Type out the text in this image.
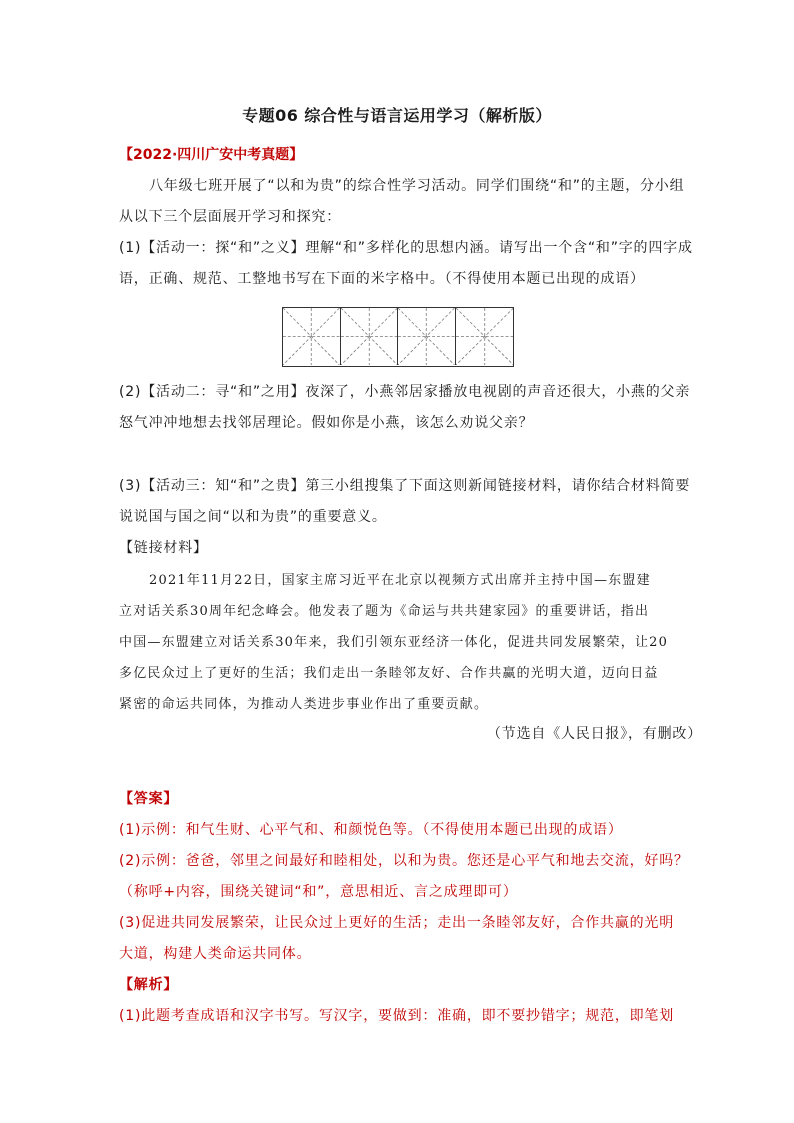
专题06 综合性与语言运用学习（解析版）
【2022·四川广安中考真题】
八年级七班开展了“以和为贵”的综合性学习活动。同学们围绕“和”的主题，分小组
从以下三个层面展开学习和探究：
(1)【活动一：探“和”之义】理解“和”多样化的思想内涵。请写出一个含“和”字的四字成
语，正确、规范、工整地书写在下面的米字格中。（不得使用本题已出现的成语）
(2)【活动二：寻“和”之用】夜深了，小燕邻居家播放电视剧的声音还很大，小燕的父亲
怒气冲冲地想去找邻居理论。假如你是小燕，该怎么劝说父亲？
(3)【活动三：知“和”之贵】第三小组搜集了下面这则新闻链接材料，请你结合材料简要
说说国与国之间“以和为贵”的重要意义。
【链接材料】
2021年11月22日，国家主席习近平在北京以视频方式出席并主持中国—东盟建
立对话关系30周年纪念峰会。他发表了题为《命运与共共建家园》的重要讲话，指出
中国—东盟建立对话关系30年来，我们引领东亚经济一体化，促进共同发展繁荣，让20
多亿民众过上了更好的生活；我们走出一条睦邻友好、合作共赢的光明大道，迈向日益
紧密的命运共同体，为推动人类进步事业作出了重要贡献。
（节选自《人民日报》，有删改）
【答案】
(1)示例：和气生财、心平气和、和颜悦色等。（不得使用本题已出现的成语）
(2)示例：爸爸，邻里之间最好和睦相处，以和为贵。您还是心平气和地去交流，好吗？
（称呼+内容，围绕关键词“和”，意思相近、言之成理即可）
(3)促进共同发展繁荣，让民众过上更好的生活；走出一条睦邻友好，合作共赢的光明
大道，构建人类命运共同体。
【解析】
(1)此题考查成语和汉字书写。写汉字，要做到：准确，即不要抄错字；规范，即笔划
